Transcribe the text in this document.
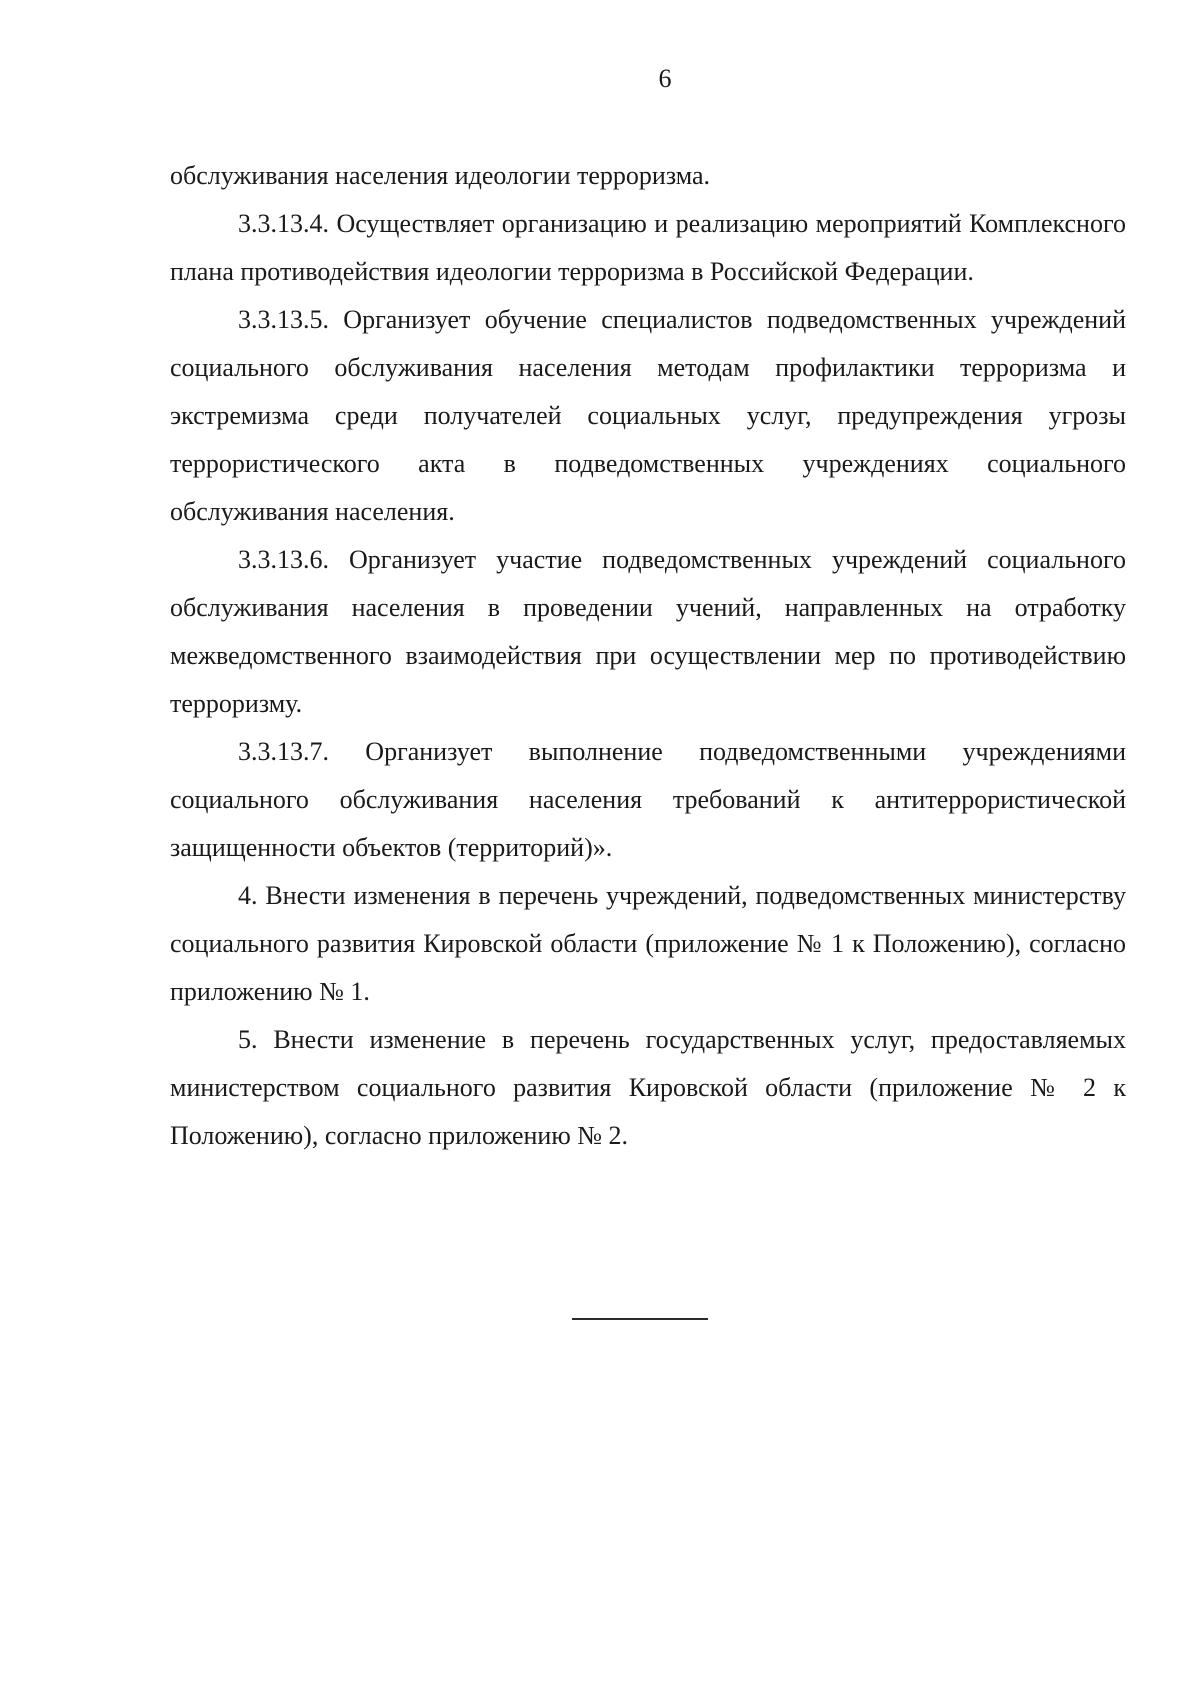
6

обслуживания населения идеологии терроризма.

3.3.13.4. Осуществляет организацию и реализацию мероприятий Комплексного плана противодействия идеологии терроризма в Российской Федерации.

3.3.13.5. Организует обучение специалистов подведомственных учреждений социального обслуживания населения методам профилактики терроризма и экстремизма среди получателей социальных услуг, предупреждения угрозы террористического акта в подведомственных учреждениях социального обслуживания населения.

3.3.13.6. Организует участие подведомственных учреждений социального обслуживания населения в проведении учений, направленных на отработку межведомственного взаимодействия при осуществлении мер по противодействию терроризму.

3.3.13.7. Организует выполнение подведомственными учреждениями социального обслуживания населения требований к антитеррористической защищенности объектов (территорий)».

4. Внести изменения в перечень учреждений, подведомственных министерству социального развития Кировской области (приложение № 1 к Положению), согласно приложению № 1.

5. Внести изменение в перечень государственных услуг, предоставляемых министерством социального развития Кировской области (приложение № 2 к Положению), согласно приложению № 2.
